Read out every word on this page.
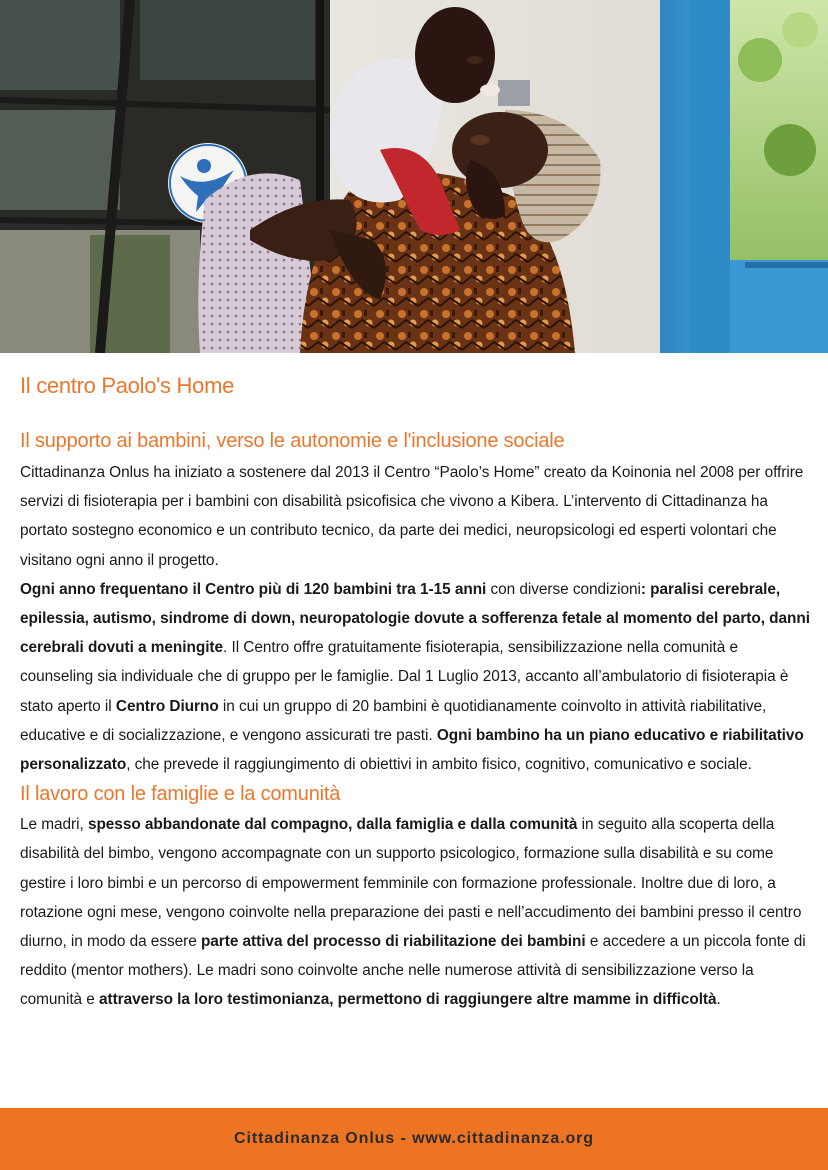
Il centro Paolo's Home
Il supporto ai bambini, verso le autonomie e l'inclusione sociale

Cittadinanza Onlus ha iniziato a sostenere dal 2013 il Centro “Paolo’s Home” creato da Koinonia nel 2008 per offrire servizi di fisioterapia per i bambini con disabilità psicofisica che vivono a Kibera. L’intervento di Cittadinanza ha portato sostegno economico e un contributo tecnico, da parte dei medici, neuropsicologi ed esperti volontari che visitano ogni anno il progetto.

Ogni anno frequentano il Centro più di 120 bambini tra 1-15 anni con diverse condizioni: paralisi cerebrale, epilessia, autismo, sindrome di down, neuropatologie dovute a sofferenza fetale al momento del parto, danni cerebrali dovuti a meningite. Il Centro offre gratuitamente fisioterapia, sensibilizzazione nella comunità e counseling sia individuale che di gruppo per le famiglie. Dal 1 Luglio 2013, accanto all’ambulatorio di fisioterapia è stato aperto il Centro Diurno in cui un gruppo di 20 bambini è quotidianamente coinvolto in attività riabilitative, educative e di socializzazione, e vengono assicurati tre pasti. Ogni bambino ha un piano educativo e riabilitativo personalizzato, che prevede il raggiungimento di obiettivi in ambito fisico, cognitivo, comunicativo e sociale.

Il lavoro con le famiglie e la comunità

Le madri, spesso abbandonate dal compagno, dalla famiglia e dalla comunità in seguito alla scoperta della disabilità del bimbo, vengono accompagnate con un supporto psicologico, formazione sulla disabilità e su come gestire i loro bimbi e un percorso di empowerment femminile con formazione professionale. Inoltre due di loro, a rotazione ogni mese, vengono coinvolte nella preparazione dei pasti e nell’accudimento dei bambini presso il centro diurno, in modo da essere parte attiva del processo di riabilitazione dei bambini e accedere a un piccola fonte di reddito (mentor mothers). Le madri sono coinvolte anche nelle numerose attività di sensibilizzazione verso la comunità e attraverso la loro testimonianza, permettono di raggiungere altre mamme in difficoltà.

Cittadinanza Onlus - www.cittadinanza.org
